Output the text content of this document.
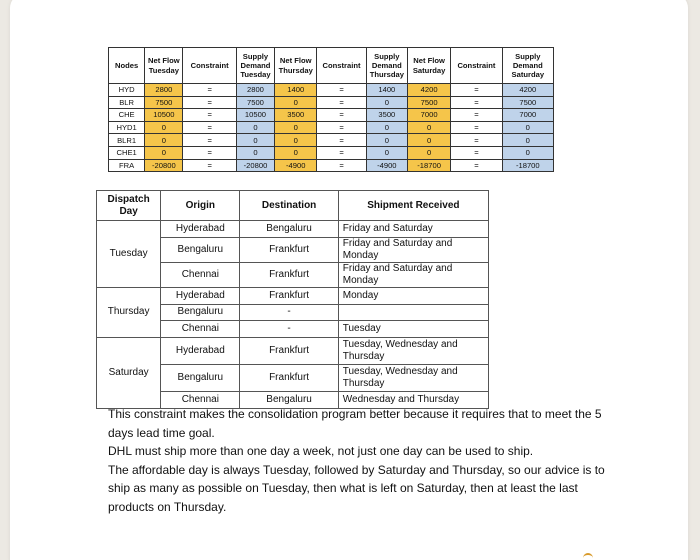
Nodes	Net Flow Tuesday	Constraint	Supply Demand Tuesday	Net Flow Thursday	Constraint	Supply Demand Thursday	Net Flow Saturday	Constraint	Supply Demand Saturday
HYD	2800	=	2800	1400	=	1400	4200	=	4200
BLR	7500	=	7500	0	=	0	7500	=	7500
CHE	10500	=	10500	3500	=	3500	7000	=	7000
HYD1	0	=	0	0	=	0	0	=	0
BLR1	0	=	0	0	=	0	0	=	0
CHE1	0	=	0	0	=	0	0	=	0
FRA	-20800	=	-20800	-4900	=	-4900	-18700	=	-18700
Dispatch Day	Origin	Destination	Shipment Received
Tuesday	Hyderabad	Bengaluru	Friday and Saturday
	Bengaluru	Frankfurt	Friday and Saturday and Monday
	Chennai	Frankfurt	Friday and Saturday and Monday
Thursday	Hyderabad	Frankfurt	Monday
	Bengaluru	-	
	Chennai	-	Tuesday
Saturday	Hyderabad	Frankfurt	Tuesday, Wednesday and Thursday
	Bengaluru	Frankfurt	Tuesday, Wednesday and Thursday
	Chennai	Bengaluru	Wednesday and Thursday

This constraint makes the consolidation program better because it requires that to meet the 5 days lead time goal.

DHL must ship more than one day a week, not just one day can be used to ship.

The affordable day is always Tuesday, followed by Saturday and Thursday, so our advice is to ship as many as possible on Tuesday, then what is left on Saturday, then at least the last products on Thursday.
